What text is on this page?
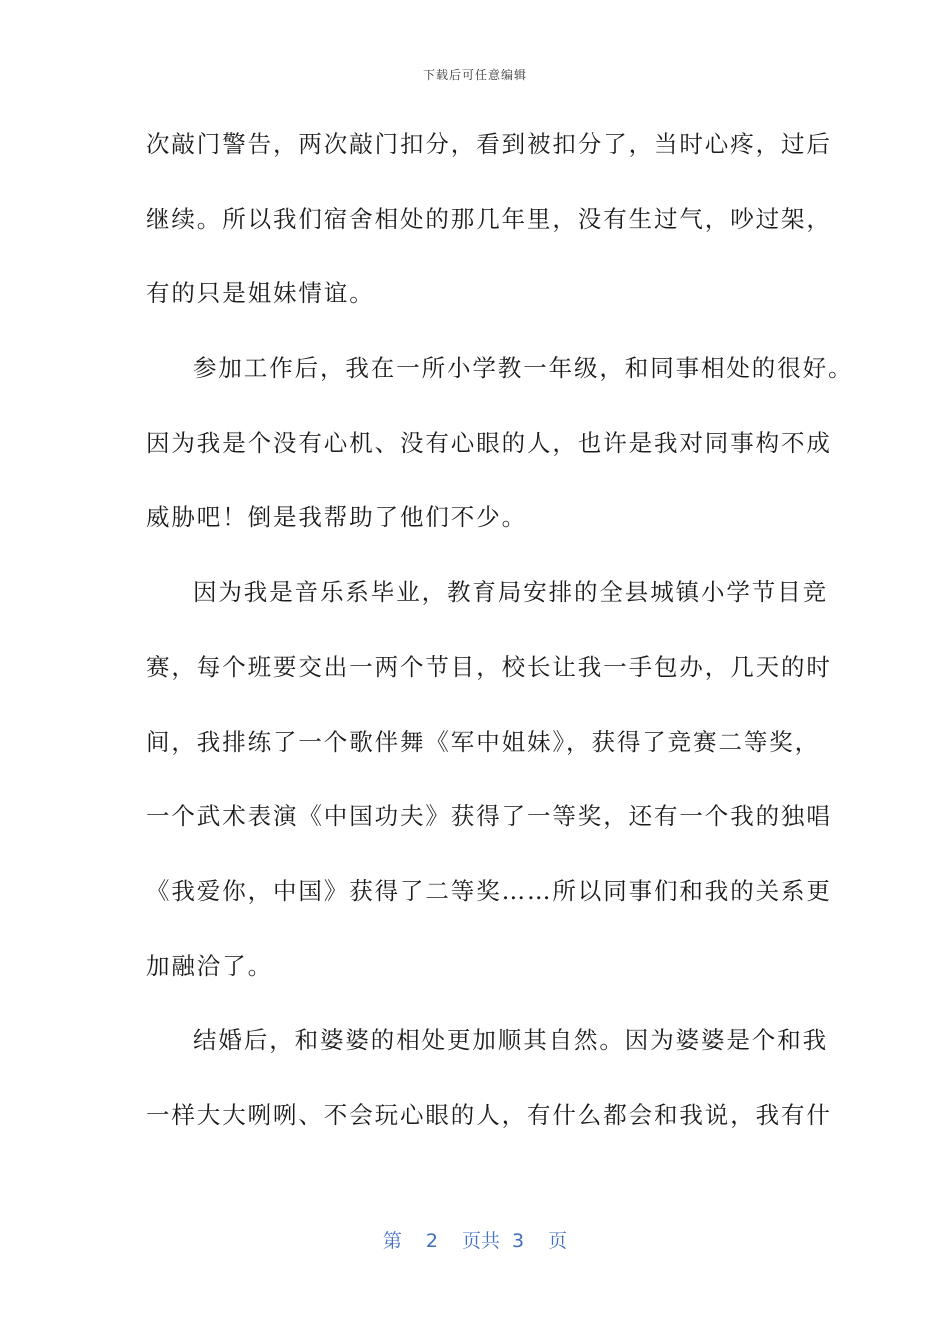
下载后可任意编辑
次敲门警告，两次敲门扣分，看到被扣分了，当时心疼，过后
继续。所以我们宿舍相处的那几年里，没有生过气，吵过架，
有的只是姐妹情谊。
参加工作后，我在一所小学教一年级，和同事相处的很好。
因为我是个没有心机、没有心眼的人，也许是我对同事构不成
威胁吧！倒是我帮助了他们不少。
因为我是音乐系毕业，教育局安排的全县城镇小学节目竞
赛，每个班要交出一两个节目，校长让我一手包办，几天的时
间，我排练了一个歌伴舞《军中姐妹》，获得了竞赛二等奖，
一个武术表演《中国功夫》获得了一等奖，还有一个我的独唱
《我爱你，中国》获得了二等奖……所以同事们和我的关系更
加融洽了。
结婚后，和婆婆的相处更加顺其自然。因为婆婆是个和我
一样大大咧咧、不会玩心眼的人，有什么都会和我说，我有什
第 2 页共 3 页
